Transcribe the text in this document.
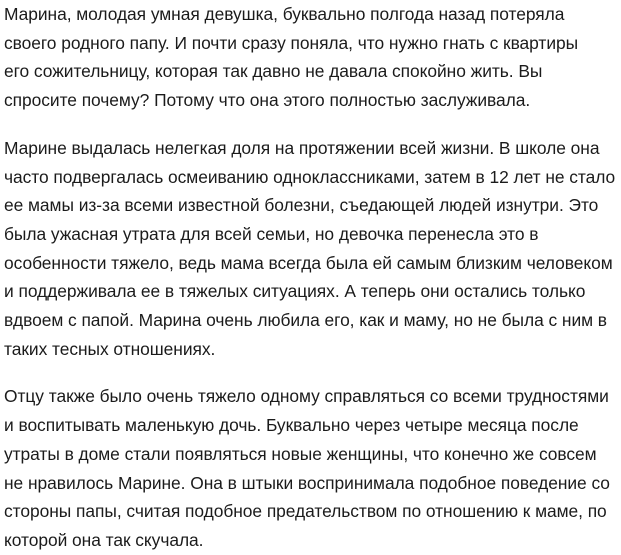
Марина, молодая умная девушка, буквально полгода назад потеряла
своего родного папу. И почти сразу поняла, что нужно гнать с квартиры
его сожительницу, которая так давно не давала спокойно жить. Вы
спросите почему? Потому что она этого полностью заслуживала.

Марине выдалась нелегкая доля на протяжении всей жизни. В школе она
часто подвергалась осмеиванию одноклассниками, затем в 12 лет не стало
ее мамы из-за всеми известной болезни, съедающей людей изнутри. Это
была ужасная утрата для всей семьи, но девочка перенесла это в
особенности тяжело, ведь мама всегда была ей самым близким человеком
и поддерживала ее в тяжелых ситуациях. А теперь они остались только
вдвоем с папой. Марина очень любила его, как и маму, но не была с ним в
таких тесных отношениях.

Отцу также было очень тяжело одному справляться со всеми трудностями
и воспитывать маленькую дочь. Буквально через четыре месяца после
утраты в доме стали появляться новые женщины, что конечно же совсем
не нравилось Марине. Она в штыки воспринимала подобное поведение со
стороны папы, считая подобное предательством по отношению к маме, по
которой она так скучала.
